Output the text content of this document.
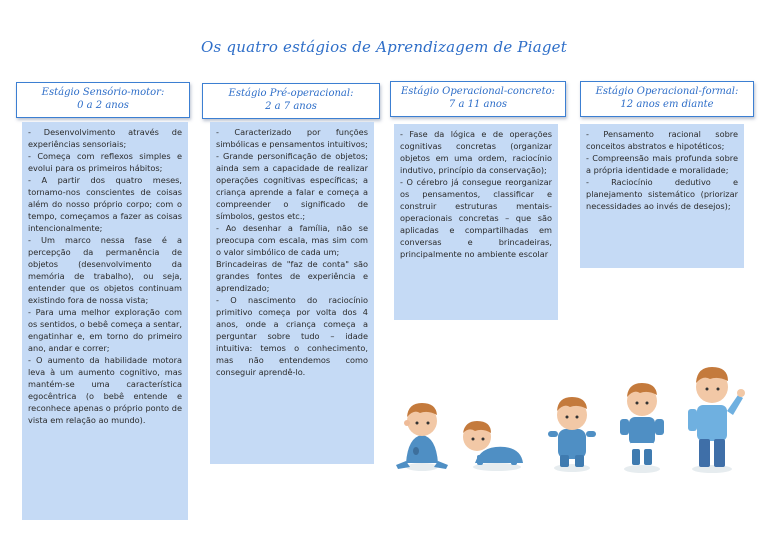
Os quatro estágios de Aprendizagem de Piaget
Estágio Sensório-motor:
0 a 2 anos

- Desenvolvimento através de experiências sensoriais;

- Começa com reflexos simples e evolui para os primeiros hábitos;

- A partir dos quatro meses, tornamo-nos conscientes de coisas além do nosso próprio corpo; com o tempo, começamos a fazer as coisas intencionalmente;

- Um marco nessa fase é a percepção da permanência de objetos (desenvolvimento da memória de trabalho), ou seja, entender que os objetos continuam existindo fora de nossa vista;

- Para uma melhor exploração com os sentidos, o bebê começa a sentar, engatinhar e, em torno do primeiro ano, andar e correr;

- O aumento da habilidade motora leva à um aumento cognitivo, mas mantém-se uma característica egocêntrica (o bebê entende e reconhece apenas o próprio ponto de vista em relação ao mundo).

Estágio Pré-operacional:
2 a 7 anos

- Caracterizado por funções simbólicas e pensamentos intuitivos;

- Grande personificação de objetos; ainda sem a capacidade de realizar operações cognitivas específicas; a criança aprende a falar e começa a compreender o significado de símbolos, gestos etc.;

- Ao desenhar a família, não se preocupa com escala, mas sim com o valor simbólico de cada um;

Brincadeiras de "faz de conta" são grandes fontes de experiência e aprendizado;

- O nascimento do raciocínio primitivo começa por volta dos 4 anos, onde a criança começa a perguntar sobre tudo – idade intuitiva: temos o conhecimento, mas não entendemos como conseguir aprendê-lo.

Estágio Operacional-concreto:
7 a 11 anos

- Fase da lógica e de operações cognitivas concretas (organizar objetos em uma ordem, raciocínio indutivo, princípio da conservação);

- O cérebro já consegue reorganizar os pensamentos, classificar e construir estruturas mentais-operacionais concretas – que são aplicadas e compartilhadas em conversas e brincadeiras, principalmente no ambiente escolar

Estágio Operacional-formal:
12 anos em diante

- Pensamento racional sobre conceitos abstratos e hipotéticos;

- Compreensão mais profunda sobre a própria identidade e moralidade;

- Raciocínio dedutivo e planejamento sistemático (priorizar necessidades ao invés de desejos);
